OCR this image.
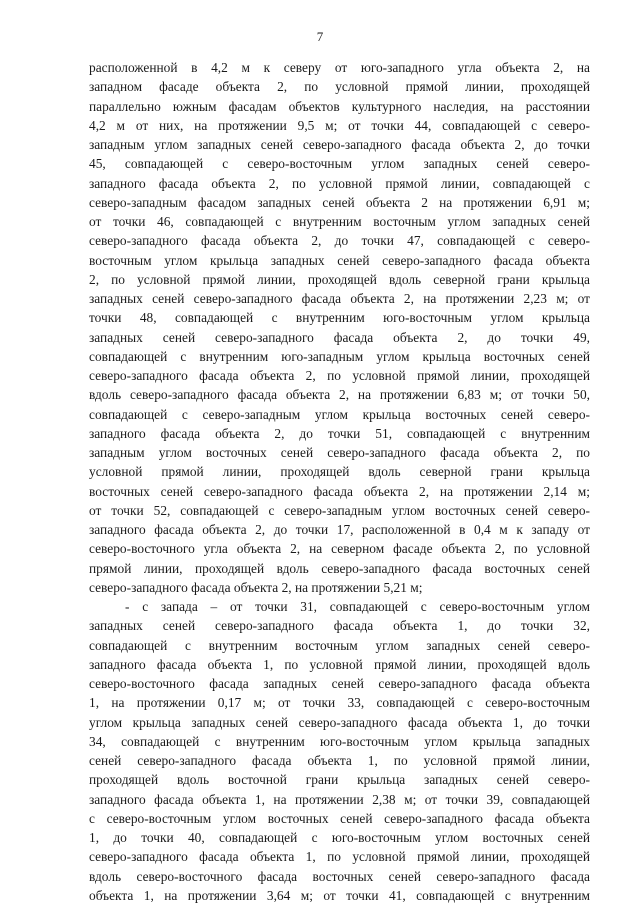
7

расположенной в 4,2 м к северу от юго-западного угла объекта 2, на
западном фасаде объекта 2, по условной прямой линии, проходящей
параллельно южным фасадам объектов культурного наследия, на расстоянии
4,2 м от них, на протяжении 9,5 м; от точки 44, совпадающей с северо-
западным углом западных сеней северо-западного фасада объекта 2, до точки
45, совпадающей с северо-восточным углом западных сеней северо-
западного фасада объекта 2, по условной прямой линии, совпадающей с
северо-западным фасадом западных сеней объекта 2 на протяжении 6,91 м;
от точки 46, совпадающей с внутренним восточным углом западных сеней
северо-западного фасада объекта 2, до точки 47, совпадающей с северо-
восточным углом крыльца западных сеней северо-западного фасада объекта
2, по условной прямой линии, проходящей вдоль северной грани крыльца
западных сеней северо-западного фасада объекта 2, на протяжении 2,23 м; от
точки 48, совпадающей с внутренним юго-восточным углом крыльца
западных сеней северо-западного фасада объекта 2, до точки 49,
совпадающей с внутренним юго-западным углом крыльца восточных сеней
северо-западного фасада объекта 2, по условной прямой линии, проходящей
вдоль северо-западного фасада объекта 2, на протяжении 6,83 м; от точки 50,
совпадающей с северо-западным углом крыльца восточных сеней северо-
западного фасада объекта 2, до точки 51, совпадающей с внутренним
западным углом восточных сеней северо-западного фасада объекта 2, по
условной прямой линии, проходящей вдоль северной грани крыльца
восточных сеней северо-западного фасада объекта 2, на протяжении 2,14 м;
от точки 52, совпадающей с северо-западным углом восточных сеней северо-
западного фасада объекта 2, до точки 17, расположенной в 0,4 м к западу от
северо-восточного угла объекта 2, на северном фасаде объекта 2, по условной
прямой линии, проходящей вдоль северо-западного фасада восточных сеней
северо-западного фасада объекта 2, на протяжении 5,21 м;

- с запада – от точки 31, совпадающей с северо-восточным углом
западных сеней северо-западного фасада объекта 1, до точки 32,
совпадающей с внутренним восточным углом западных сеней северо-
западного фасада объекта 1, по условной прямой линии, проходящей вдоль
северо-восточного фасада западных сеней северо-западного фасада объекта
1, на протяжении 0,17 м; от точки 33, совпадающей с северо-восточным
углом крыльца западных сеней северо-западного фасада объекта 1, до точки
34, совпадающей с внутренним юго-восточным углом крыльца западных
сеней северо-западного фасада объекта 1, по условной прямой линии,
проходящей вдоль восточной грани крыльца западных сеней северо-
западного фасада объекта 1, на протяжении 2,38 м; от точки 39, совпадающей
с северо-восточным углом восточных сеней северо-западного фасада объекта
1, до точки 40, совпадающей с юго-восточным углом восточных сеней
северо-западного фасада объекта 1, по условной прямой линии, проходящей
вдоль северо-восточного фасада восточных сеней северо-западного фасада
объекта 1, на протяжении 3,64 м; от точки 41, совпадающей с внутренним
